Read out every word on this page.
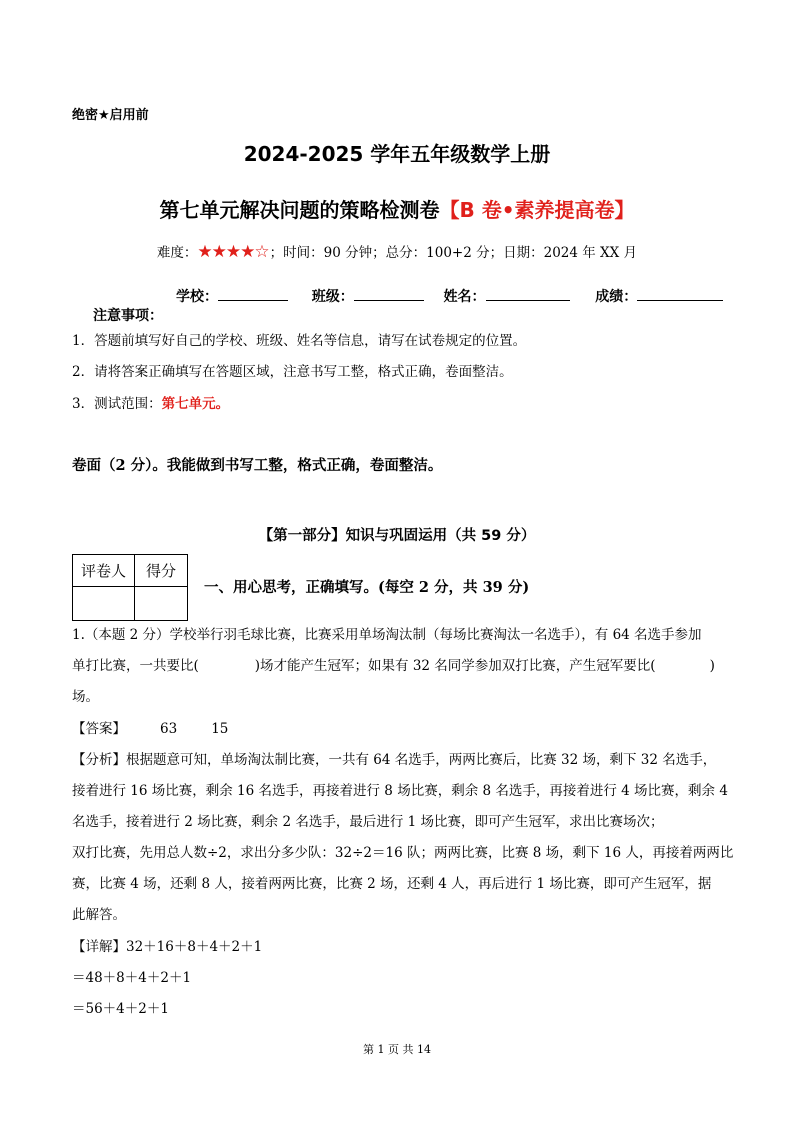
绝密★启用前
2024-2025 学年五年级数学上册
第七单元解决问题的策略检测卷【B 卷•素养提高卷】
难度：★★★★☆；时间：90 分钟；总分：100+2 分；日期：2024 年 XX 月
学校：	班级：	姓名：	成绩：
注意事项：
1．答题前填写好自己的学校、班级、姓名等信息，请写在试卷规定的位置。
2．请将答案正确填写在答题区域，注意书写工整，格式正确，卷面整洁。
3．测试范围：第七单元。
卷面（2 分）。我能做到书写工整，格式正确，卷面整洁。
【第一部分】知识与巩固运用（共 59 分）
评卷人	得分

一、用心思考，正确填写。(每空 2 分，共 39 分)
1.（本题 2 分）学校举行羽毛球比赛，比赛采用单场淘汰制（每场比赛淘汰一名选手），有 64 名选手参加
单打比赛，一共要比(	)场才能产生冠军；如果有 32 名同学参加双打比赛，产生冠军要比(	)
场。
【答案】	63	15
【分析】根据题意可知，单场淘汰制比赛，一共有 64 名选手，两两比赛后，比赛 32 场，剩下 32 名选手，
接着进行 16 场比赛，剩余 16 名选手，再接着进行 8 场比赛，剩余 8 名选手，再接着进行 4 场比赛，剩余 4
名选手，接着进行 2 场比赛，剩余 2 名选手，最后进行 1 场比赛，即可产生冠军，求出比赛场次；
双打比赛，先用总人数÷2，求出分多少队：32÷2＝16 队；两两比赛，比赛 8 场，剩下 16 人，再接着两两比
赛，比赛 4 场，还剩 8 人，接着两两比赛，比赛 2 场，还剩 4 人，再后进行 1 场比赛，即可产生冠军，据
此解答。
【详解】32＋16＋8＋4＋2＋1
＝48＋8＋4＋2＋1
＝56＋4＋2＋1
第 1 页 共 14
